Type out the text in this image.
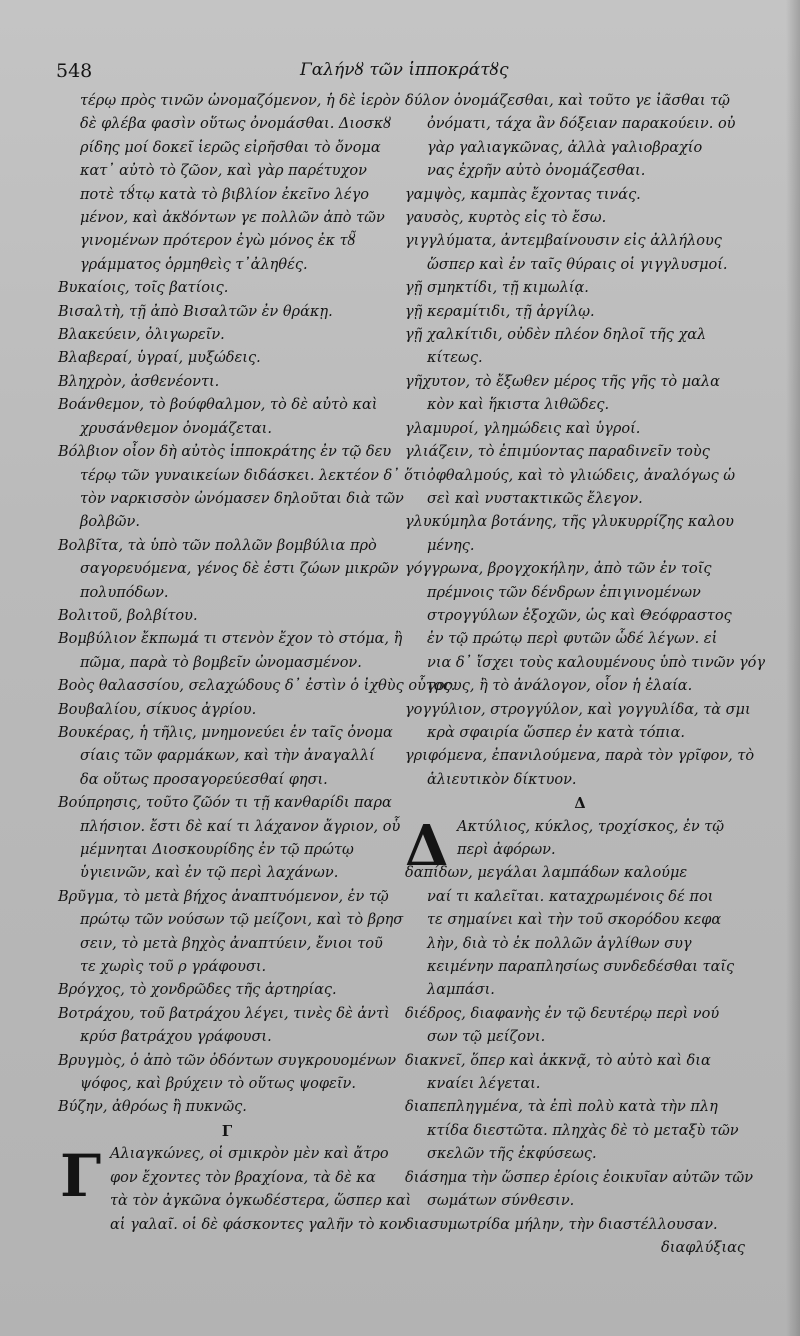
548	Γαλήνȣ τῶν ἱπποκράτȣς
τέρῳ πρὸς τινῶν ὠνομαζόμενον, ἡ δὲ ἱερὸν
δὲ φλέβα φασὶν οὕτως ὀνομάσθαι. Διοσκȣ
ρίδης μοί δοκεῖ ἱερῶς εἰρῆσθαι τὸ ὄνομα
κατ᾽ αὐτὸ τὸ ζῶον, καὶ γὰρ παρέτυχον
ποτὲ τȣ́τῳ κατὰ τὸ βιβλίον ἐκεῖνο λέγο
μένον, καὶ ἀκȣόντων γε πολλῶν ἀπὸ τῶν
γινομένων πρότερον ἐγὼ μόνος ἐκ τȣ̃
γράμματος ὁρμηθεὶς τ᾽ἀληθές.
Βυκαίοις, τοῖς βατίοις.
Βισαλτὴ, τῇ ἀπὸ Βισαλτῶν ἐν θράκῃ.
Βλακεύειν, ὀλιγωρεῖν.
Βλαβεραί, ὑγραί, μυξώδεις.
Βληχρὸν, ἀσθενέοντι.
Βοάνθεμον, τὸ βούφθαλμον, τὸ δὲ αὐτὸ καὶ
χρυσάνθεμον ὀνομάζεται.
Βόλβιον οἶον δὴ αὐτὸς ἱπποκράτης ἐν τῷ δευ
τέρῳ τῶν γυναικείων διδάσκει. λεκτέον δ᾽ ὅτι
τὸν ναρκισσὸν ὠνόμασεν δηλοῦται διὰ τῶν
βολβῶν.
Βολβῖτα, τὰ ὑπὸ τῶν πολλῶν βομβύλια πρὸ
σαγορευόμενα, γένος δὲ ἐστι ζώων μικρῶν
πολυπόδων.
Βολιτοῦ, βολβίτου.
Βομβύλιον ἔκπωμά τι στενὸν ἔχον τὸ στόμα, ἢ
πῶμα, παρὰ τὸ βομβεῖν ὠνομασμένον.
Βοὸς θαλασσίου, σελαχώδους δ᾽ ἐστὶν ὁ ἰχθὺς οὗτος.
Βουβαλίου, σίκυος ἀγρίου.
Βουκέρας, ἡ τῆλις, μνημονεύει ἐν ταῖς ὀνομα
σίαις τῶν φαρμάκων, καὶ τὴν ἀναγαλλί
δα οὕτως προσαγορεύεσθαί φησι.
Βούπρησις, τοῦτο ζῶόν τι τῇ κανθαρίδι παρα
πλήσιον. ἔστι δὲ καί τι λάχανον ἄγριον, οὗ
μέμνηται Διοσκουρίδης ἐν τῷ πρώτῳ
ὑγιεινῶν, καὶ ἐν τῷ περὶ λαχάνων.
Βρῦγμα, τὸ μετὰ βήχος ἀναπτυόμενον, ἐν τῷ
πρώτῳ τῶν νούσων τῷ μείζονι, καὶ τὸ βρησ
σειν, τὸ μετὰ βηχὸς ἀναπτύειν, ἔνιοι τοῦ
τε χωρὶς τοῦ ρ γράφουσι.
Βρόγχος, τὸ χονδρῶδες τῆς ἀρτηρίας.
Βοτράχου, τοῦ βατράχου λέγει, τινὲς δὲ ἀντὶ
κρύσ βατράχου γράφουσι.
Βρυγμὸς, ὁ ἀπὸ τῶν ὀδόντων συγκρουομένων
ψόφος, καὶ βρύχειν τὸ οὕτως ψοφεῖν.
Βύζην, ἀθρόως ἢ πυκνῶς.
Γ
Γ Αλιαγκώνες, οἱ σμικρὸν μὲν καὶ ἄτρο
φον ἔχοντες τὸν βραχίονα, τὰ δὲ κα
τὰ τὸν ἀγκῶνα ὀγκωδέστερα, ὥσπερ καὶ
αἱ γαλαῖ. οἱ δὲ φάσκοντες γαλῆν τὸ κον
δύλον ὀνομάζεσθαι, καὶ τοῦτο γε ἰᾶσθαι τῷ
ὀνόματι, τάχα ἂν δόξειαν παρακούειν. οὐ
γὰρ γαλιαγκῶνας, ἀλλὰ γαλιοβραχίο
νας ἐχρῆν αὐτὸ ὀνομάζεσθαι.
γαμψὸς, καμπὰς ἔχοντας τινάς.
γαυσὸς, κυρτὸς εἰς τὸ ἔσω.
γιγγλύματα, ἀντεμβαίνουσιν εἰς ἀλλήλους
ὥσπερ καὶ ἐν ταῖς θύραις οἱ γιγγλυσμοί.
γῇ σμηκτίδι, τῇ κιμωλίᾳ.
γῇ κεραμίτιδι, τῇ ἀργίλῳ.
γῇ χαλκίτιδι, οὐδὲν πλέον δηλοῖ τῆς χαλ
κίτεως.
γῆχυτον, τὸ ἔξωθεν μέρος τῆς γῆς τὸ μαλα
κὸν καὶ ἥκιστα λιθῶδες.
γλαμυροί, γλημώδεις καὶ ὑγροί.
γλιάζειν, τὸ ἐπιμύοντας παραδινεῖν τοὺς
ὀφθαλμούς, καὶ τὸ γλιώδεις, ἀναλόγως ὡ
σεὶ καὶ νυστακτικῶς ἔλεγον.
γλυκύμηλα βοτάνης, τῆς γλυκυρρίζης καλου
μένης.
γόγγρωνα, βρογχοκήλην, ἀπὸ τῶν ἐν τοῖς
πρέμνοις τῶν δένδρων ἐπιγινομένων
στρογγύλων ἐξοχῶν, ὡς καὶ Θεόφραστος
ἐν τῷ πρώτῳ περὶ φυτῶν ὧδέ λέγων. εἰ
νια δ᾽ ἴσχει τοὺς καλουμένους ὑπὸ τινῶν γόγ
γρους, ἢ τὸ ἀνάλογον, οἷον ἡ ἐλαία.
γογγύλιον, στρογγύλον, καὶ γογγυλίδα, τὰ σμι
κρὰ σφαιρία ὥσπερ ἐν κατὰ τόπια.
γριφόμενα, ἐπανιλούμενα, παρὰ τὸν γρῖφον, τὸ
ἁλιευτικὸν δίκτυον.
Δ
Δ Ακτύλιος, κύκλος, τροχίσκος, ἐν τῷ
περὶ ἀφόρων.
δαπίδων, μεγάλαι λαμπάδων καλούμε
ναί τι καλεῖται. καταχρωμένοις δέ ποι
τε σημαίνει καὶ τὴν τοῦ σκορόδου κεφα
λὴν, διὰ τὸ ἐκ πολλῶν ἀγλίθων συγ
κειμένην παραπλησίως συνδεδέσθαι ταῖς
λαμπάσι.
διέδρος, διαφανὴς ἐν τῷ δευτέρῳ περὶ νού
σων τῷ μείζονι.
διακνεῖ, ὅπερ καὶ ἀκκνᾷ, τὸ αὐτὸ καὶ δια
κναίει λέγεται.
διαπεπληγμένα, τὰ ἐπὶ πολὺ κατὰ τὴν πλη
κτίδα διεστῶτα. πληχὰς δὲ τὸ μεταξὺ τῶν
σκελῶν τῆς ἐκφύσεως.
διάσημα τὴν ὥσπερ ἐρίοις ἐοικυῖαν αὐτῶν τῶν
σωμάτων σύνθεσιν.
διασυμωτρίδα μήλην, τὴν διαστέλλουσαν.
διαφλύξιας
